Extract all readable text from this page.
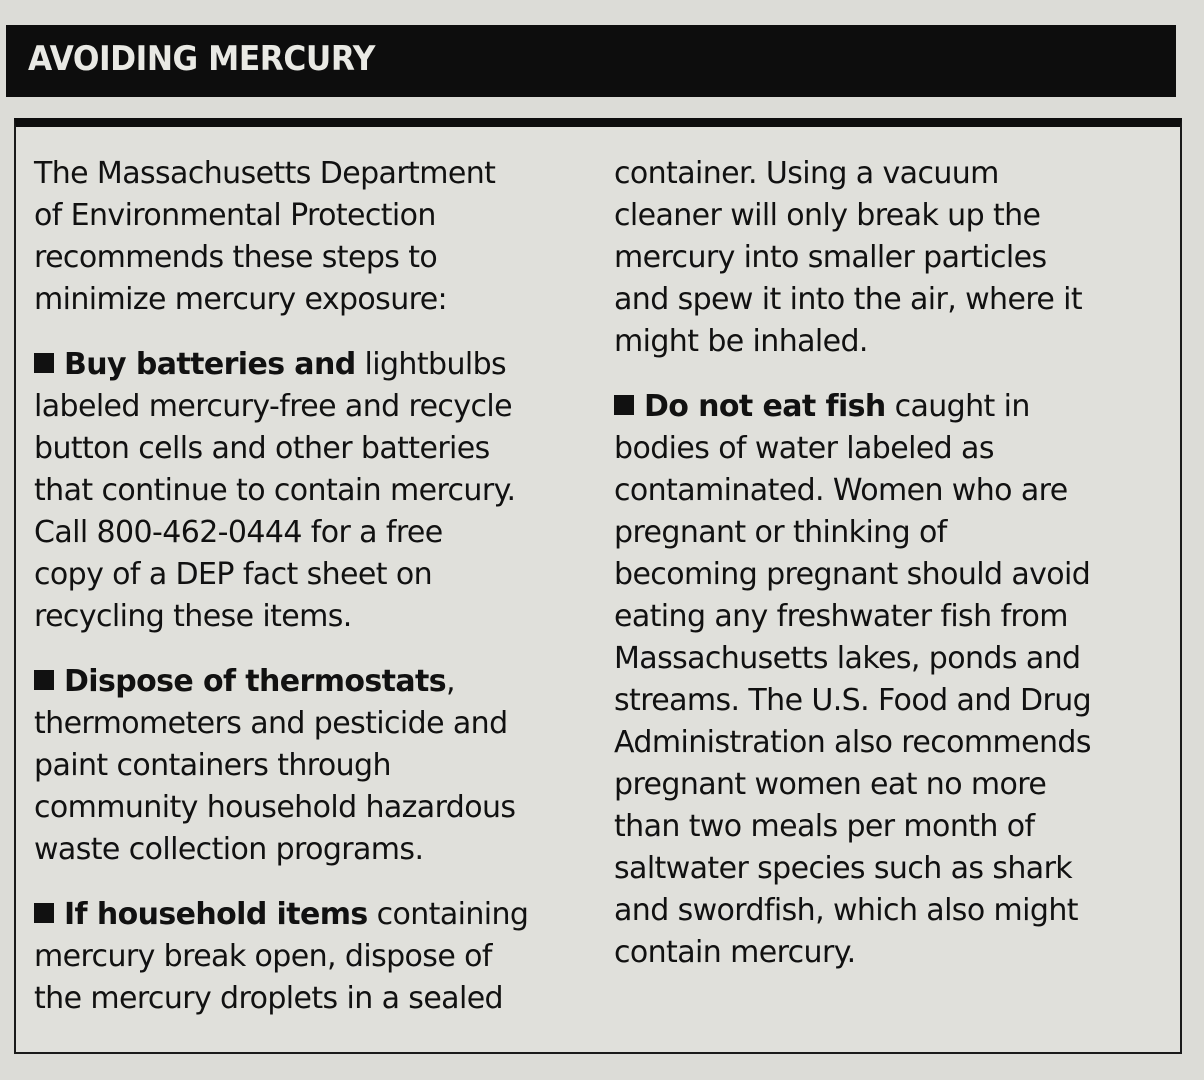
AVOIDING MERCURY
The Massachusetts Department
of Environmental Protection
recommends these steps to
minimize mercury exposure:
Buy batteries and lightbulbs
labeled mercury-free and recycle
button cells and other batteries
that continue to contain mercury.
Call 800-462-0444 for a free
copy of a DEP fact sheet on
recycling these items.
Dispose of thermostats,
thermometers and pesticide and
paint containers through
community household hazardous
waste collection programs.
If household items containing
mercury break open, dispose of
the mercury droplets in a sealed
container. Using a vacuum
cleaner will only break up the
mercury into smaller particles
and spew it into the air, where it
might be inhaled.
Do not eat fish caught in
bodies of water labeled as
contaminated. Women who are
pregnant or thinking of
becoming pregnant should avoid
eating any freshwater fish from
Massachusetts lakes, ponds and
streams. The U.S. Food and Drug
Administration also recommends
pregnant women eat no more
than two meals per month of
saltwater species such as shark
and swordfish, which also might
contain mercury.
